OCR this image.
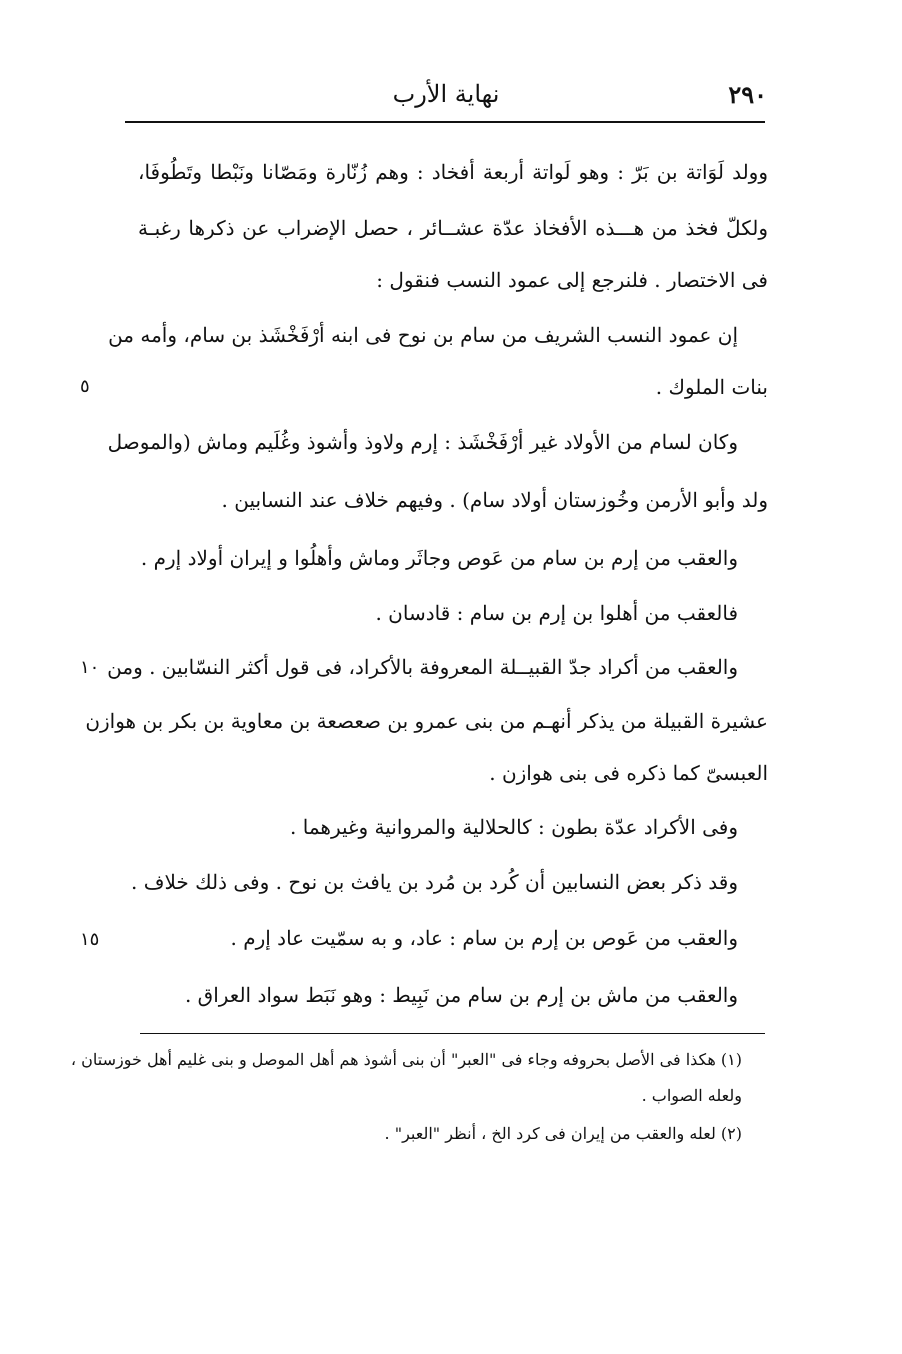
٢٩٠
نهاية الأرب
وولد لَوَاتة بن بَرّ : وهو لَواتة أربعة أفخاد : وهم زُنّارة ومَصّانا ونَبْطا وتَطُوفَا،
ولكلّ فخذ من هـــذه الأفخاذ عدّة عشــائر ، حصل الإضراب عن ذكرها رغبـة
فى الاختصار . فلنرجع إلى عمود النسب فنقول :
إن عمود النسب الشريف من سام بن نوح فى ابنه أرْفَخْشَذ بن سام، وأمه من
بنات الملوك .
٥
وكان لسام من الأولاد غير أرْفَخْشَذ : إرم ولاوذ وأشوذ وغُلَيم وماش (والموصل
ولد وأبو الأرمن وخُوزستان أولاد سام) . وفيهم خلاف عند النسابين .
والعقب من إرم بن سام من عَوص وجاثَر وماش وأهلُوا و إيران أولاد إرم .
فالعقب من أهلوا بن إرم بن سام : قادسان .
والعقب من أكراد جدّ القبيــلة المعروفة بالأكراد، فى قول أكثر النسّابين . ومن
١٠
عشيرة القبيلة من يذكر أنهـم من بنى عمرو بن صعصعة بن معاوية بن بكر بن هوازن
العبسىّ كما ذكره فى بنى هوازن .
وفى الأكراد عدّة بطون : كالحلالية والمروانية وغيرهما .
وقد ذكر بعض النسابين أن كُرد بن مُرد بن يافث بن نوح . وفى ذلك خلاف .
والعقب من عَوص بن إرم بن سام : عاد، و به سمّيت عاد إرم .
١٥
والعقب من ماش بن إرم بن سام من نَبِيط : وهو نَبَط سواد العراق .
(١) هكذا فى الأصل بحروفه وجاء فى "العبر" أن بنى أشوذ هم أهل الموصل و بنى غليم أهل خوزستان ،
ولعله الصواب .
(٢) لعله والعقب من إيران فى كرد الخ ، أنظر "العبر" .
